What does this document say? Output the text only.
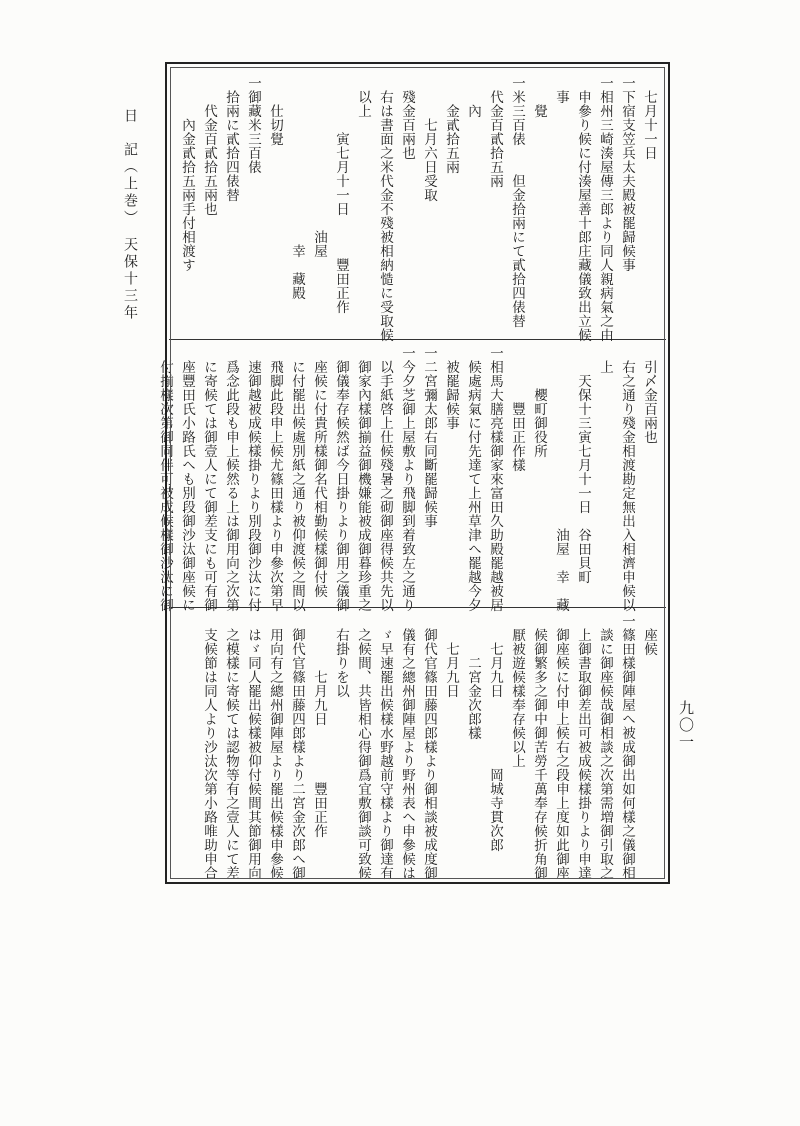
日　記（上巻）　天保十三年
九〇一
　七月十一日
一下宿支笠兵太夫殿被罷歸候事
一相州三崎湊屋傳三郎より同人親病氣之由
　申參り候に付湊屋善十郎庄藏儀致出立候
　事
　　覺
一米三百俵　　但金拾兩にて貳拾四俵替
　代金百貳拾五兩
　　內
　　金貳拾五兩
　　　七月六日受取
　殘金百兩也
　右は書面之米代金不殘被相納慥に受取候
　以上
　　　　寅七月十一日　　　豐田正作
　　　　　　　　　　　油屋
　　　　　　　　　　　　幸　藏殿
　　仕切覺
一御藏米三百俵
　拾兩に貳拾四俵替
　　代金百貳拾五兩也
　　　內金貳拾五兩手付相渡す
　引〆金百兩也
　右之通り殘金相渡勘定無出入相濟申候以
　上
　　天保十三寅七月十一日　谷田貝町
　　　　　　　　　　　　　油屋　幸　藏
　　　櫻町御役所
　　　　豐田正作樣
一相馬大膳亮樣御家來富田久助殿罷越被居
　候處病氣に付先達て上州草津へ罷越今夕
　被罷歸候事
一二宮彌太郎右同斷罷歸候事
一今夕芝御上屋敷より飛脚到着致左之通り
　以手紙啓上仕候殘暑之砌御座得候共先以
　御家內樣御揃益御機嫌能被成御暮珍重之
　御儀奉存候然ば今日掛りより御用之儀御
　座候に付貴所樣御名代相勤候樣御付候
　に付罷出候處別紙之通り被仰渡候之間以
　飛脚此段申上候尤篠田樣より申參次第早
　速御越被成候樣掛りより別段御沙汰に付
　爲念此段も申上候然る上は御用向之次第
　に寄候ては御壹人にて御差支にも可有御
　座豐田氏小路氏へも別段御沙汰御座候に
　付揃樣次第御同伴可被成候樣御沙汰に御
　座候
一篠田樣御陣屋へ被成御出如何樣之儀御相
　談に御座候哉御相談之次第需増御引取之
　上御書取御差出可被成候樣掛りより申達
　御座候に付申上候右之段申上度如此御座
　候御繁多之御中御苦勞千萬奉存候折角御
　厭被遊候樣奉存候以上
　　七月九日　　　　　岡城寺貫次郎
　　　二宮金次郎樣
　　七月九日
　御代官篠田藤四郎樣より御相談被成度御
　儀有之總州御陣屋より野州表へ申參候は
　ゞ早速罷出候樣水野越前守樣より御達有
　之候間、共皆相心得御爲宜敷御談可致候
　右掛りを以
　　　　七月九日　　　　豐田正作
　御代官篠田藤四郎樣より二宮金次郎へ御
　用向有之總州御陣屋より罷出候樣申參候
　はゞ同人罷出候樣被仰付候間其節御用向
　之模樣に寄候ては認物等有之壹人にて差
　支候節は同人より沙汰次第小路唯助申合
